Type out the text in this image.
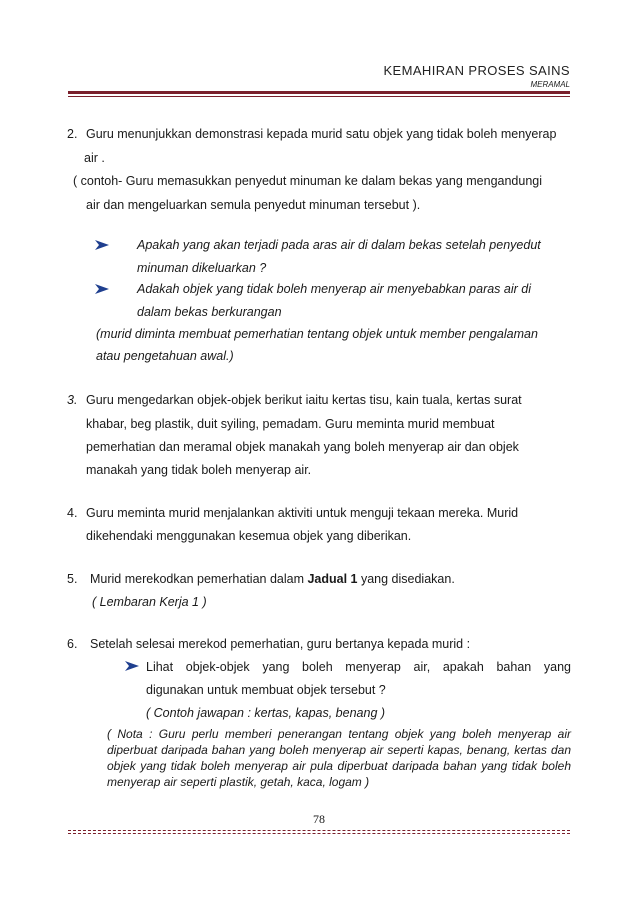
KEMAHIRAN PROSES SAINS
MERAMAL
2. Guru menunjukkan demonstrasi kepada murid satu objek yang tidak boleh menyerap
air .
( contoh- Guru memasukkan penyedut minuman ke dalam bekas yang mengandungi
air dan mengeluarkan semula penyedut minuman tersebut ).
Apakah yang akan terjadi pada aras air di dalam bekas setelah penyedut
minuman dikeluarkan ?
Adakah objek yang tidak boleh menyerap air menyebabkan paras air di
dalam bekas berkurangan
(murid diminta membuat pemerhatian tentang objek untuk member pengalaman
atau pengetahuan awal.)
3. Guru mengedarkan objek-objek berikut iaitu kertas tisu, kain tuala, kertas surat
khabar, beg plastik, duit syiling, pemadam. Guru meminta murid membuat
pemerhatian dan meramal objek manakah yang boleh menyerap air dan objek
manakah yang tidak boleh menyerap air.
4. Guru meminta murid menjalankan aktiviti untuk menguji tekaan mereka. Murid
dikehendaki menggunakan kesemua objek yang diberikan.
5. Murid merekodkan pemerhatian dalam Jadual 1 yang disediakan.
( Lembaran Kerja 1 )
6. Setelah selesai merekod pemerhatian, guru bertanya kepada murid :
Lihat objek-objek yang boleh menyerap air, apakah bahan yang
digunakan untuk membuat objek tersebut ?
( Contoh jawapan : kertas, kapas, benang )
( Nota : Guru perlu memberi penerangan tentang objek yang boleh menyerap air diperbuat daripada bahan yang boleh menyerap air seperti kapas, benang, kertas dan objek yang tidak boleh menyerap air pula diperbuat daripada bahan yang tidak boleh menyerap air seperti plastik, getah, kaca, logam )
78
